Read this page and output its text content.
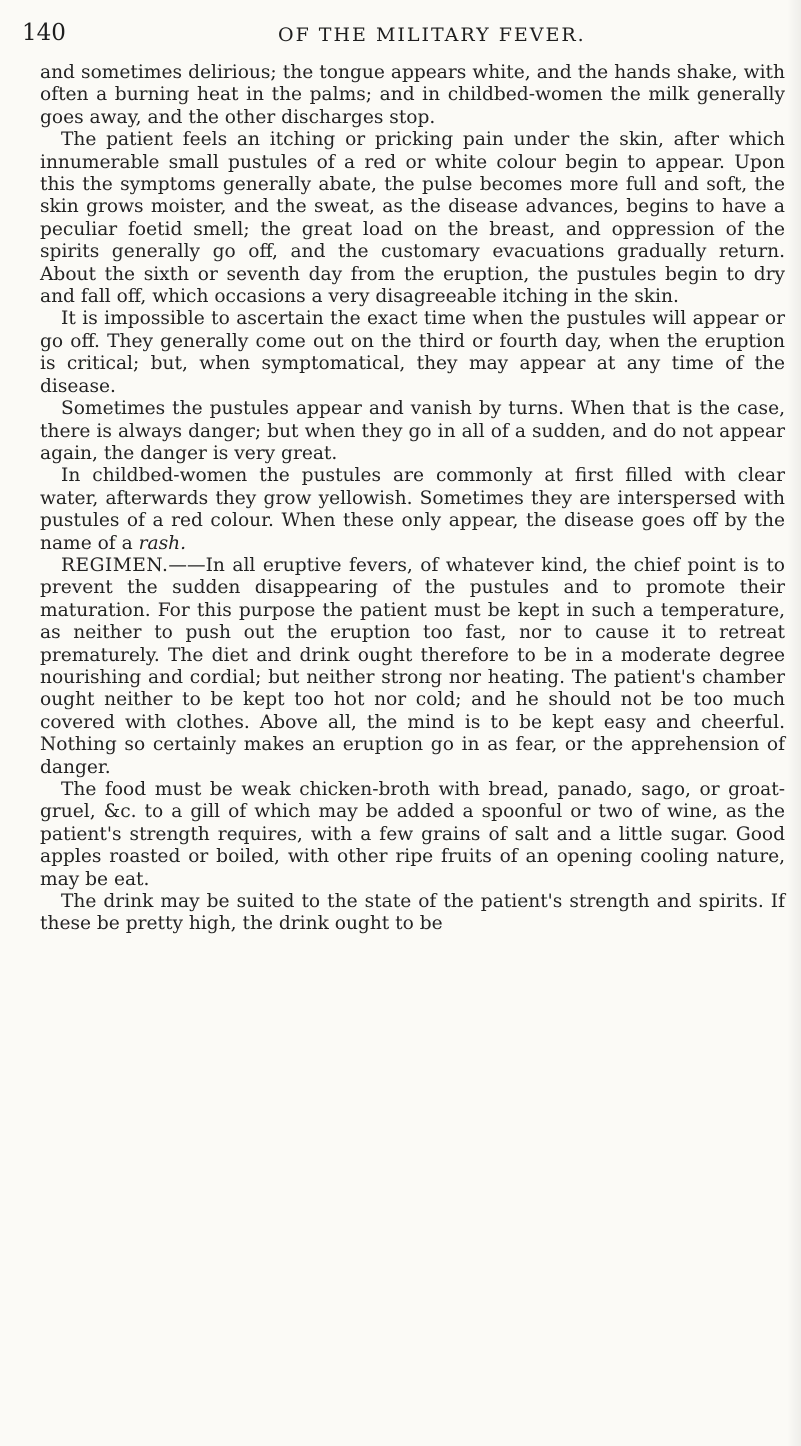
140	OF THE MILITARY FEVER.

and sometimes delirious; the tongue appears white, and the hands shake, with often a burning heat in the palms; and in childbed-women the milk generally goes away, and the other discharges stop.

The patient feels an itching or pricking pain under the skin, after which innumerable small pustules of a red or white colour begin to appear. Upon this the symptoms generally abate, the pulse becomes more full and soft, the skin grows moister, and the sweat, as the disease advances, begins to have a peculiar foetid smell; the great load on the breast, and oppression of the spirits generally go off, and the customary evacuations gradually return. About the sixth or seventh day from the eruption, the pustules begin to dry and fall off, which occasions a very disagreeable itching in the skin.

It is impossible to ascertain the exact time when the pustules will appear or go off. They generally come out on the third or fourth day, when the eruption is critical; but, when symptomatical, they may appear at any time of the disease.

Sometimes the pustules appear and vanish by turns. When that is the case, there is always danger; but when they go in all of a sudden, and do not appear again, the danger is very great.

In childbed-women the pustules are commonly at first filled with clear water, afterwards they grow yellowish. Sometimes they are interspersed with pustules of a red colour. When these only appear, the disease goes off by the name of a rash.

REGIMEN.——In all eruptive fevers, of whatever kind, the chief point is to prevent the sudden disappearing of the pustules and to promote their maturation. For this purpose the patient must be kept in such a temperature, as neither to push out the eruption too fast, nor to cause it to retreat prematurely. The diet and drink ought therefore to be in a moderate degree nourishing and cordial; but neither strong nor heating. The patient's chamber ought neither to be kept too hot nor cold; and he should not be too much covered with clothes. Above all, the mind is to be kept easy and cheerful. Nothing so certainly makes an eruption go in as fear, or the apprehension of danger.

The food must be weak chicken-broth with bread, panado, sago, or groat-gruel, &c. to a gill of which may be added a spoonful or two of wine, as the patient's strength requires, with a few grains of salt and a little sugar. Good apples roasted or boiled, with other ripe fruits of an opening cooling nature, may be eat.

The drink may be suited to the state of the patient's strength and spirits. If these be pretty high, the drink ought to be
